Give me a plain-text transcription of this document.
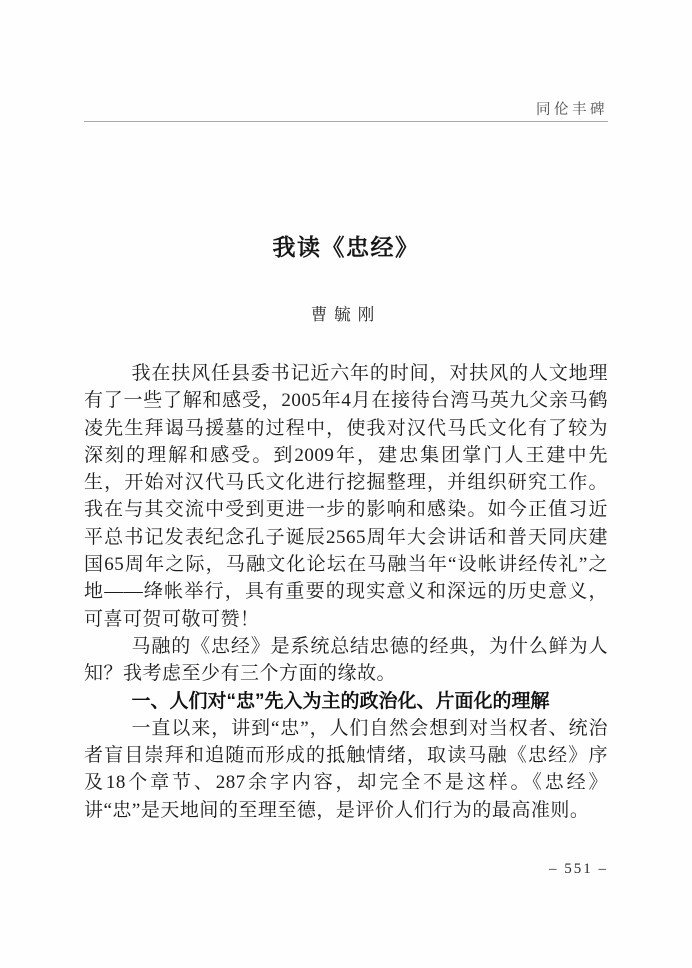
同伦丰碑
我读《忠经》
曹毓刚

我在扶风任县委书记近六年的时间，对扶风的人文地理有了一些了解和感受，2005年4月在接待台湾马英九父亲马鹤凌先生拜谒马援墓的过程中，使我对汉代马氏文化有了较为深刻的理解和感受。到2009年，建忠集团掌门人王建中先生，开始对汉代马氏文化进行挖掘整理，并组织研究工作。我在与其交流中受到更进一步的影响和感染。如今正值习近平总书记发表纪念孔子诞辰2565周年大会讲话和普天同庆建国65周年之际，马融文化论坛在马融当年“设帐讲经传礼”之地——绛帐举行，具有重要的现实意义和深远的历史意义，可喜可贺可敬可赞！

马融的《忠经》是系统总结忠德的经典，为什么鲜为人知？我考虑至少有三个方面的缘故。

一、人们对“忠”先入为主的政治化、片面化的理解

一直以来，讲到“忠”，人们自然会想到对当权者、统治者盲目崇拜和追随而形成的抵触情绪，取读马融《忠经》序及18个章节、287余字内容，却完全不是这样。《忠经》讲“忠”是天地间的至理至德，是评价人们行为的最高准则。

– 551 –
